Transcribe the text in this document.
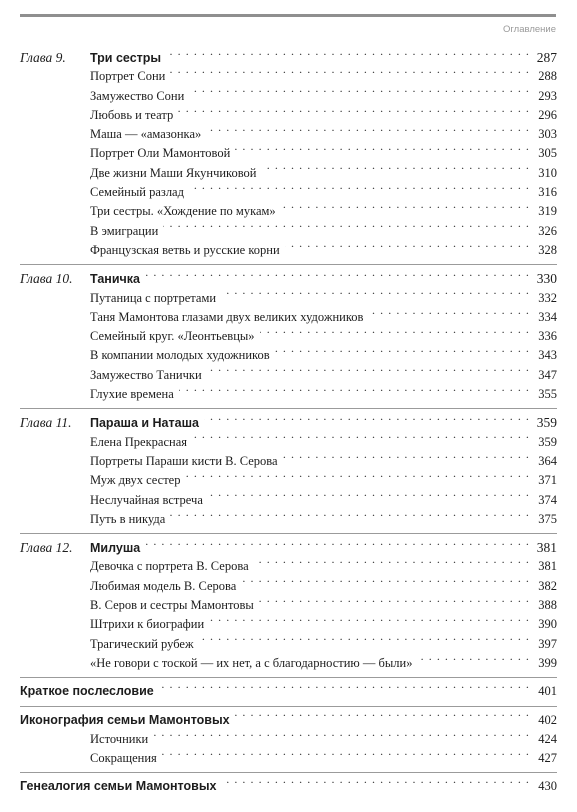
Оглавление
Глава 9.	Три сестры . . .	287
Портрет Сони . . .	288
Замужество Сони . . .	293
Любовь и театр . . .	296
Маша — «амазонка» . . .	303
Портрет Оли Мамонтовой . . .	305
Две жизни Маши Якунчиковой . . .	310
Семейный разлад . . .	316
Три сестры. «Хождение по мукам» . . .	319
В эмиграции . . .	326
Французская ветвь и русские корни . . .	328
Глава 10.	Таничка . . .	330
Путаница с портретами . . .	332
Таня Мамонтова глазами двух великих художников . . .	334
Семейный круг. «Леонтьевцы» . . .	336
В компании молодых художников . . .	343
Замужество Танички . . .	347
Глухие времена . . .	355
Глава 11.	Параша и Наташа . . .	359
Елена Прекрасная . . .	359
Портреты Параши кисти В. Серова . . .	364
Муж двух сестер . . .	371
Неслучайная встреча . . .	374
Путь в никуда . . .	375
Глава 12.	Милуша . . .	381
Девочка с портрета В. Серова . . .	381
Любимая модель В. Серова . . .	382
В. Серов и сестры Мамонтовы . . .	388
Штрихи к биографии . . .	390
Трагический рубеж . . .	397
«Не говори с тоской — их нет, а с благодарностию — были» . . .	399
Краткое послесловие . . .	401
Иконография семьи Мамонтовых . . .	402
Источники . . .	424
Сокращения . . .	427
Генеалогия семьи Мамонтовых . . .	430
